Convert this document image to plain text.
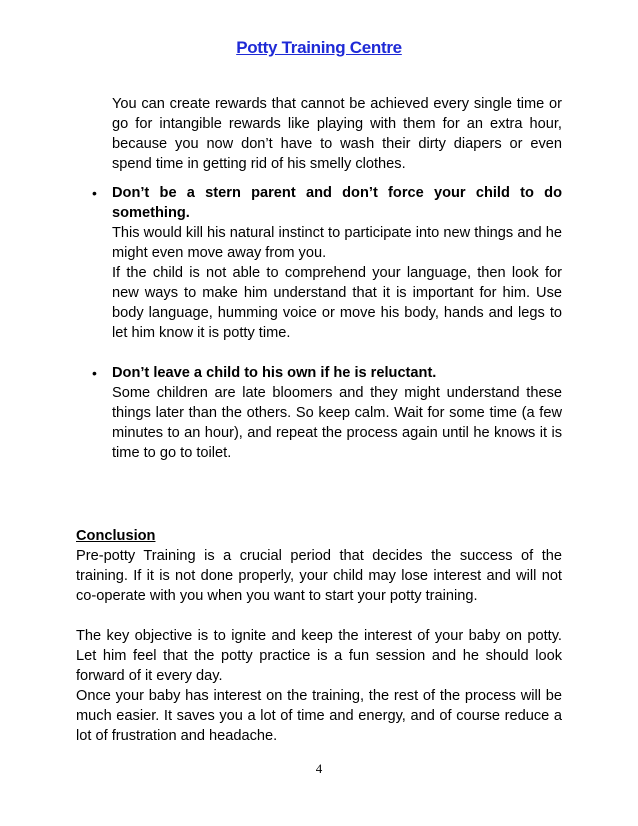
Potty Training Centre
You can create rewards that cannot be achieved every single time or go for intangible rewards like playing with them for an extra hour, because you now don’t have to wash their dirty diapers or even spend time in getting rid of his smelly clothes.
• Don’t be a stern parent and don’t force your child to do something.
This would kill his natural instinct to participate into new things and he might even move away from you.
If the child is not able to comprehend your language, then look for new ways to make him understand that it is important for him. Use body language, humming voice or move his body, hands and legs to let him know it is potty time.
• Don’t leave a child to his own if he is reluctant.
Some children are late bloomers and they might understand these things later than the others. So keep calm. Wait for some time (a few minutes to an hour), and repeat the process again until he knows it is time to go to toilet.
Conclusion
Pre-potty Training is a crucial period that decides the success of the training. If it is not done properly, your child may lose interest and will not co-operate with you when you want to start your potty training.
The key objective is to ignite and keep the interest of your baby on potty. Let him feel that the potty practice is a fun session and he should look forward of it every day.
Once your baby has interest on the training, the rest of the process will be much easier. It saves you a lot of time and energy, and of course reduce a lot of frustration and headache.
4
